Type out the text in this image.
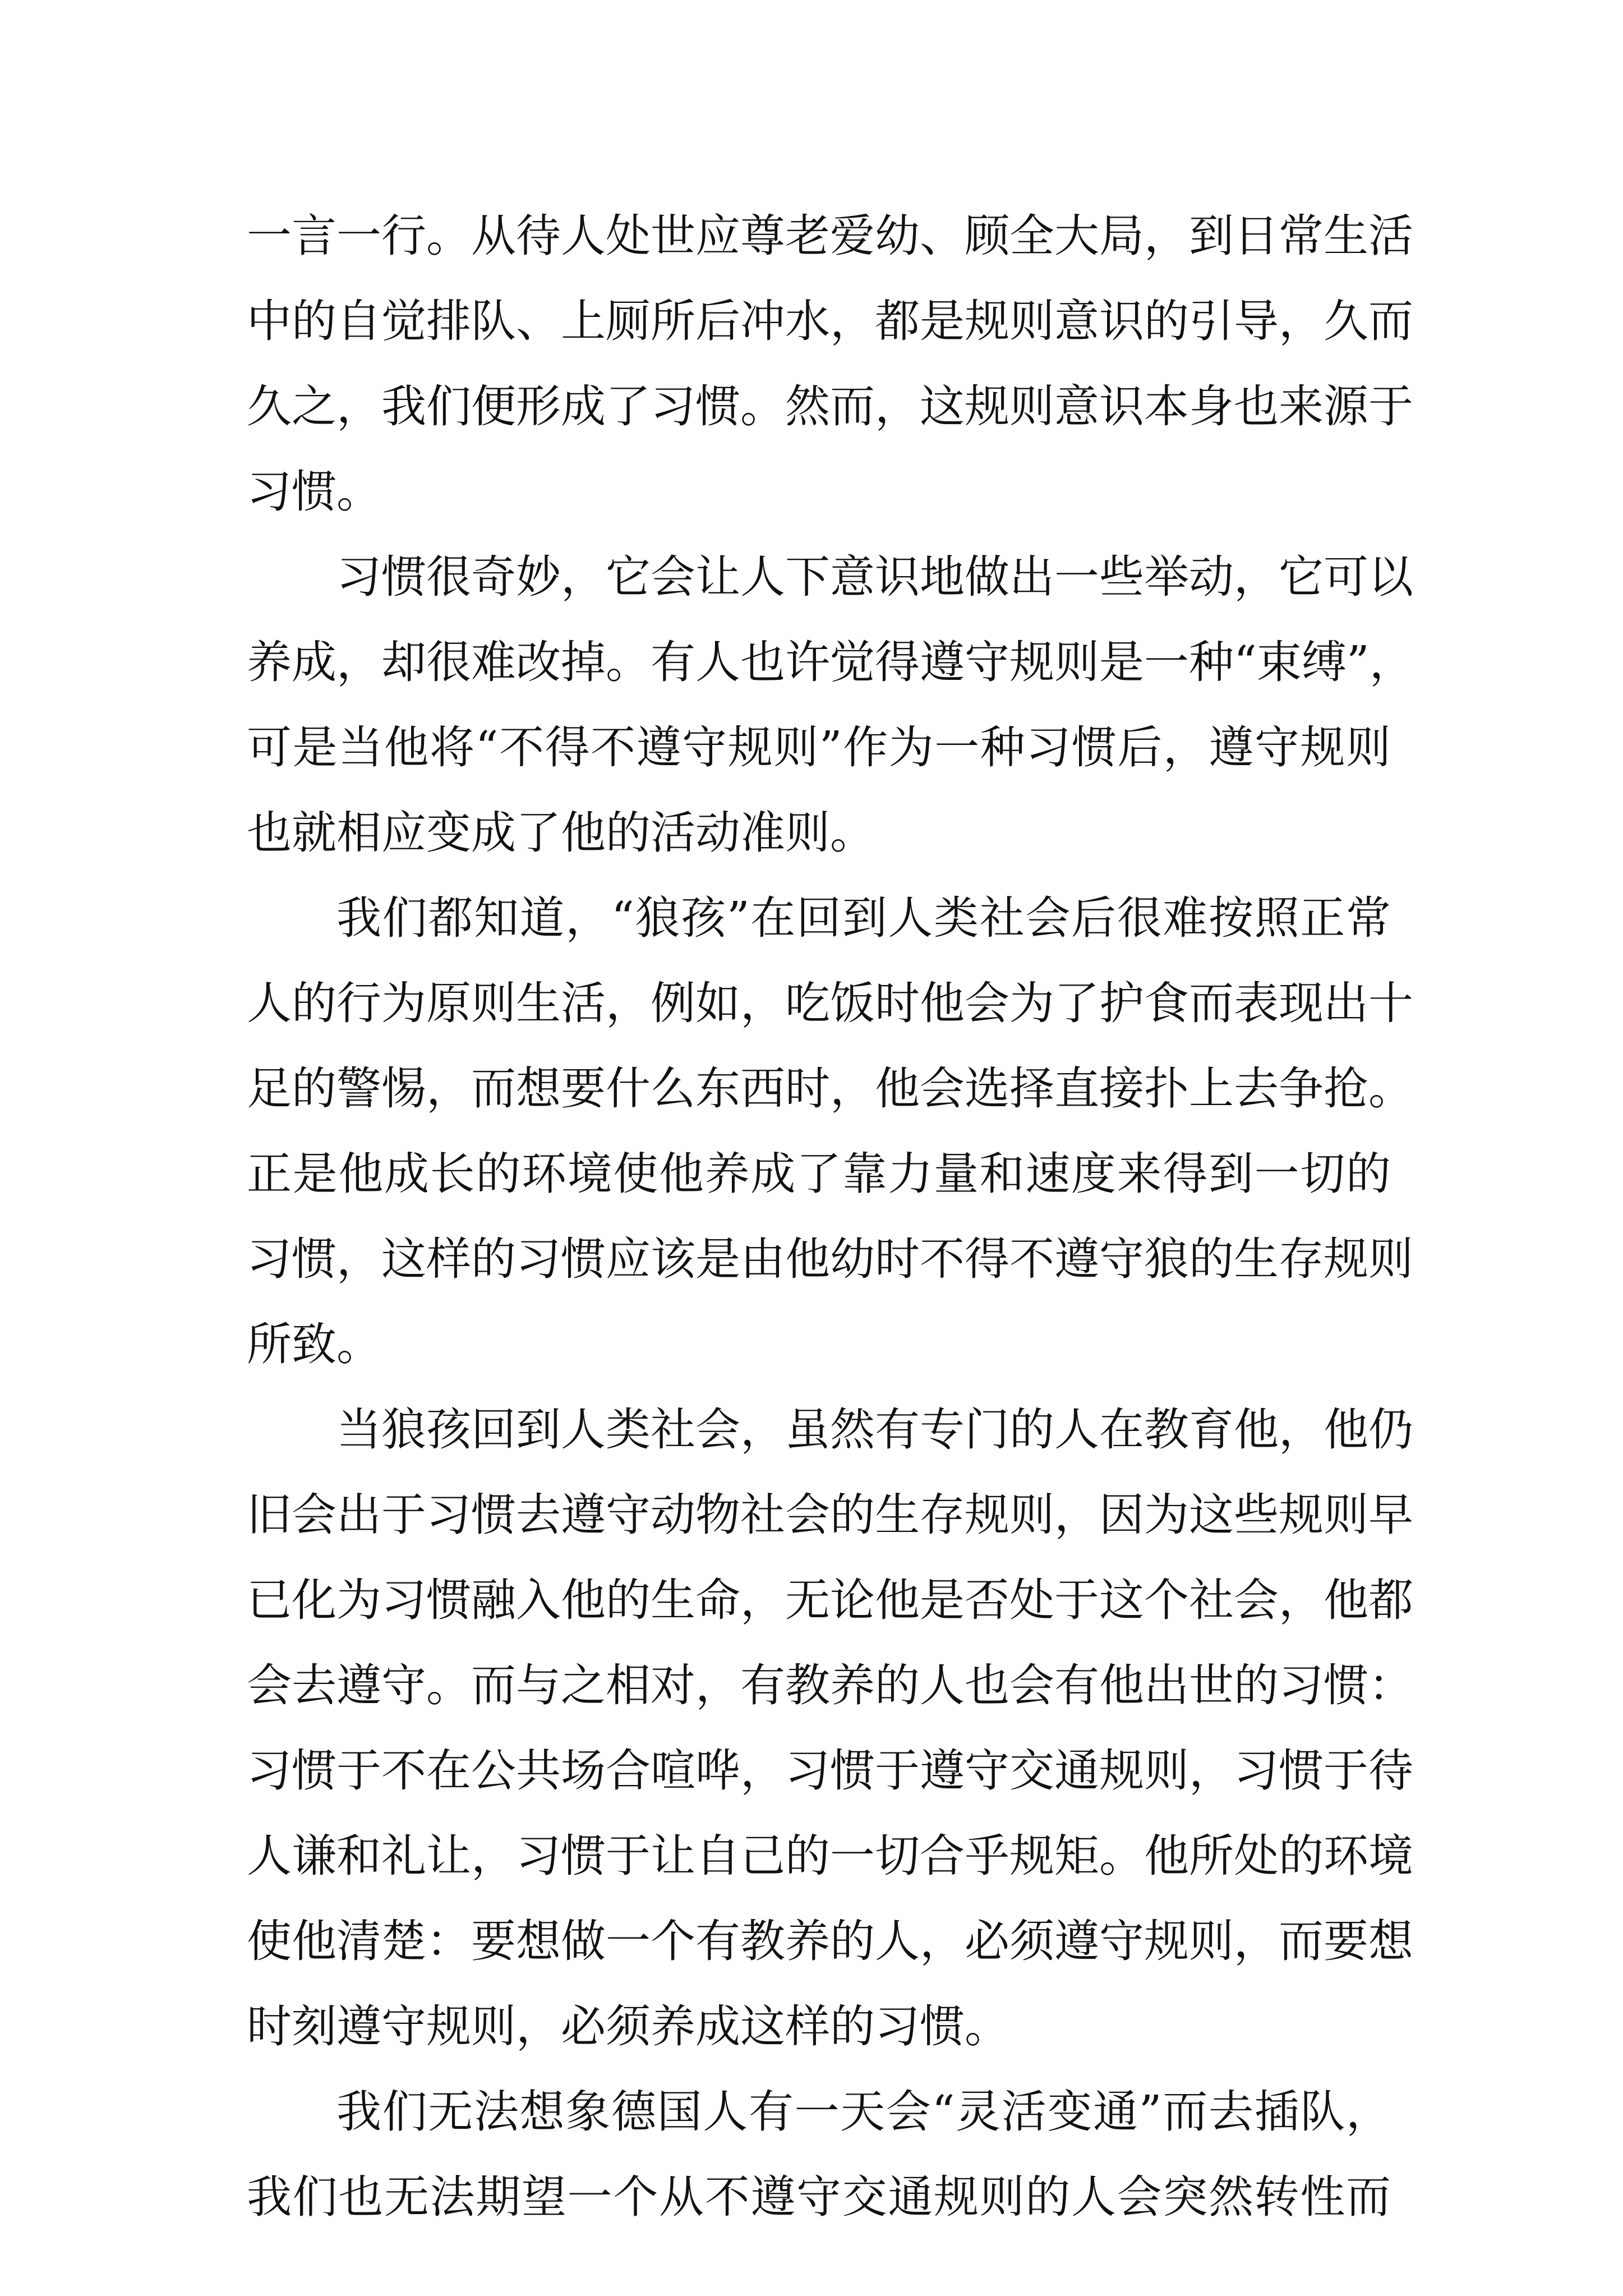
一言一行。从待人处世应尊老爱幼、顾全大局，到日常生活

中的自觉排队、上厕所后冲水，都是规则意识的引导，久而

久之，我们便形成了习惯。然而，这规则意识本身也来源于

习惯。

习惯很奇妙，它会让人下意识地做出一些举动，它可以

养成，却很难改掉。有人也许觉得遵守规则是一种“束缚”，

可是当他将“不得不遵守规则”作为一种习惯后，遵守规则

也就相应变成了他的活动准则。

我们都知道，“狼孩”在回到人类社会后很难按照正常

人的行为原则生活，例如，吃饭时他会为了护食而表现出十

足的警惕，而想要什么东西时，他会选择直接扑上去争抢。

正是他成长的环境使他养成了靠力量和速度来得到一切的

习惯，这样的习惯应该是由他幼时不得不遵守狼的生存规则

所致。

当狼孩回到人类社会，虽然有专门的人在教育他，他仍

旧会出于习惯去遵守动物社会的生存规则，因为这些规则早

已化为习惯融入他的生命，无论他是否处于这个社会，他都

会去遵守。而与之相对，有教养的人也会有他出世的习惯：

习惯于不在公共场合喧哗，习惯于遵守交通规则，习惯于待

人谦和礼让，习惯于让自己的一切合乎规矩。他所处的环境

使他清楚：要想做一个有教养的人，必须遵守规则，而要想

时刻遵守规则，必须养成这样的习惯。

我们无法想象德国人有一天会“灵活变通”而去插队，

我们也无法期望一个从不遵守交通规则的人会突然转性而
